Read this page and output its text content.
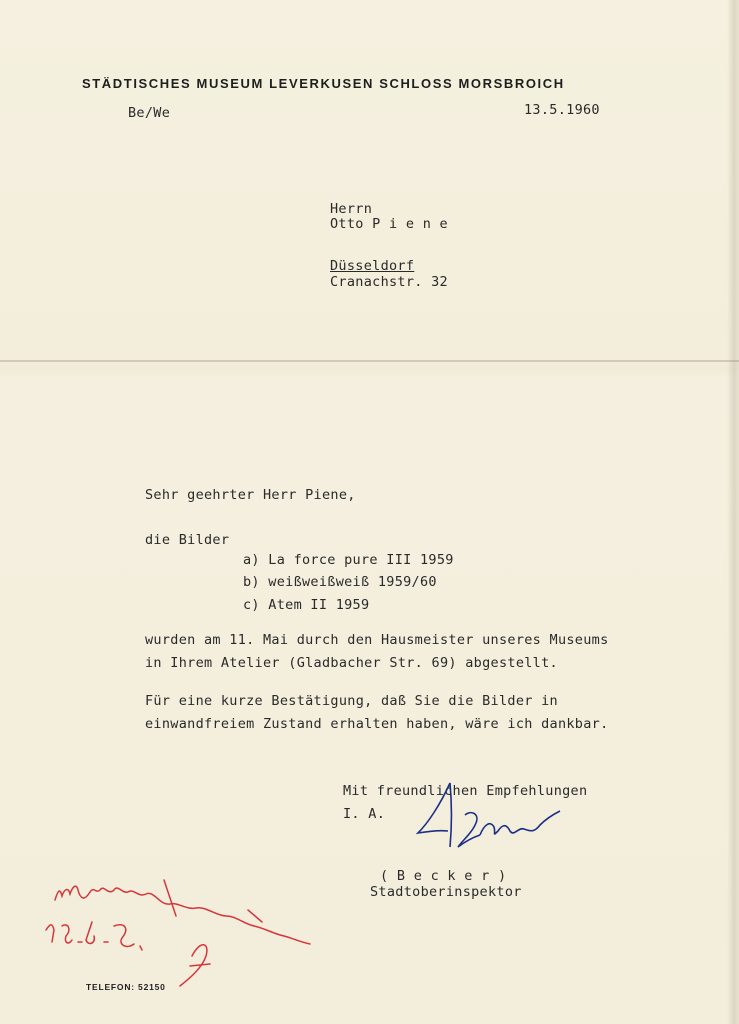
STÄDTISCHES MUSEUM LEVERKUSEN SCHLOSS MORSBROICH
Be/We	13.5.1960
Herrn
Otto P i e n e
Düsseldorf
Cranachstr. 32
Sehr geehrter Herr Piene,
die Bilder
a) La force pure III 1959
b) weißweißweiß 1959/60
c) Atem II 1959
wurden am 11. Mai durch den Hausmeister unseres Museums
in Ihrem Atelier (Gladbacher Str. 69) abgestellt.
Für eine kurze Bestätigung, daß Sie die Bilder in
einwandfreiem Zustand erhalten haben, wäre ich dankbar.
Mit freundlichen Empfehlungen
I. A.
( B e c k e r )
Stadtoberinspektor
TELEFON: 52150
